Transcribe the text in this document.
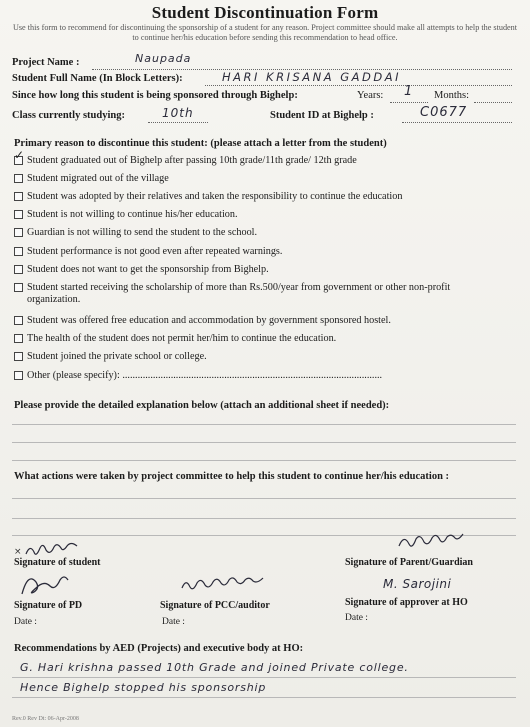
Student Discontinuation Form
Use this form to recommend for discontinuing the sponsorship of a student for any reason. Project committee should make all attempts to help the student to continue her/his education before sending this recommendation to head office.
Project Name :	Naupada
Student Full Name (In Block Letters):	HARI KRISANA GADDAI
Since how long this student is being sponsored through Bighelp:	Years: 1 Months:
Class currently studying:	10th	Student ID at Bighelp :	C0677
Primary reason to discontinue this student: (please attach a letter from the student)
✓
Student graduated out of Bighelp after passing 10th grade/11th grade/ 12th grade
Student migrated out of the village
Student was adopted by their relatives and taken the responsibility to continue the education
Student is not willing to continue his/her education.
Guardian is not willing to send the student to the school.
Student performance is not good even after repeated warnings.
Student does not want to get the sponsorship from Bighelp.
Student started receiving the scholarship of more than Rs.500/year from government or other non-profit organization.
Student was offered free education and accommodation by government sponsored hostel.
The health of the student does not permit her/him to continue the education.
Student joined the private school or college.
Other (please specify): ......................................................................................................
Please provide the detailed explanation below (attach an additional sheet if needed):
What actions were taken by project committee to help this student to continue her/his education :
×
Signature of student	Signature of Parent/Guardian
Signature of PD	Signature of PCC/auditor
M. Sarojini
Signature of approver at HO
Date :	Date :	Date :
Recommendations by AED (Projects) and executive body at HO:
G. Hari krishna passed 10th Grade and joined Private college.
Hence Bighelp stopped his sponsorship
Rev.0 Rev Dt: 06-Apr-2008
